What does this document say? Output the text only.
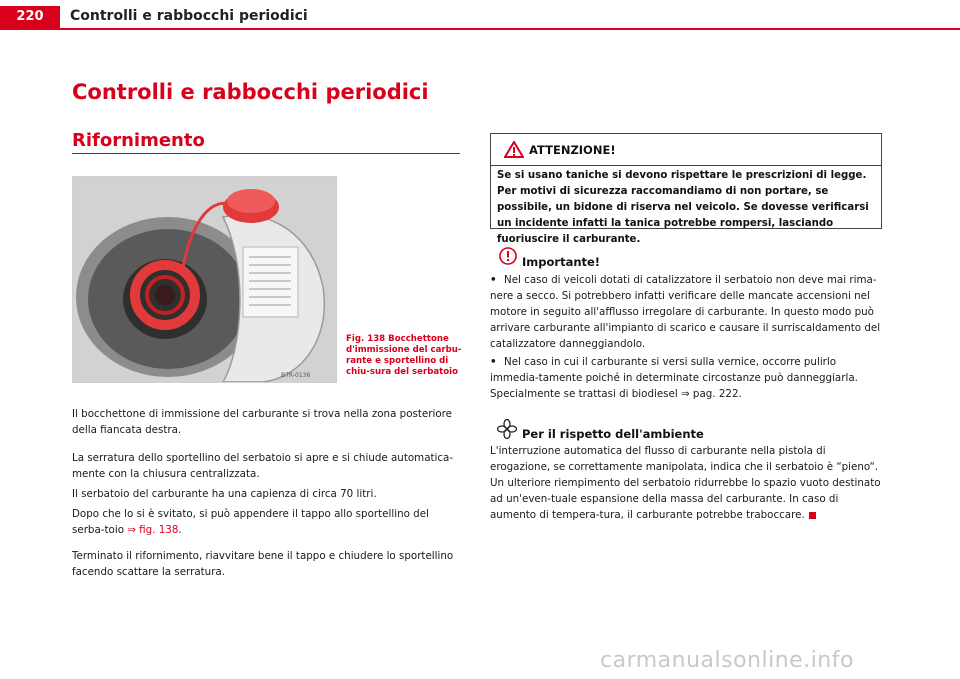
220	Controlli e rabbocchi periodici
Controlli e rabbocchi periodici
Rifornimento
B7R-0136
Fig. 138 Bocchettone d'immissione del carbu-rante e sportellino di chiu-sura del serbatoio

Il bocchettone di immissione del carburante si trova nella zona posteriore della fiancata destra.

La serratura dello sportellino del serbatoio si apre e si chiude automatica-mente con la chiusura centralizzata.

Il serbatoio del carburante ha una capienza di circa 70 litri.

Dopo che lo si è svitato, si può appendere il tappo allo sportellino del serba-toio ⇒ fig. 138.

Terminato il rifornimento, riavvitare bene il tappo e chiudere lo sportellino facendo scattare la serratura.

ATTENZIONE!
Se si usano taniche si devono rispettare le prescrizioni di legge. Per motivi di sicurezza raccomandiamo di non portare, se possibile, un bidone di riserva nel veicolo. Se dovesse verificarsi un incidente infatti la tanica potrebbe rompersi, lasciando fuoriuscire il carburante.
Importante!
• Nel caso di veicoli dotati di catalizzatore il serbatoio non deve mai rima-nere a secco. Si potrebbero infatti verificare delle mancate accensioni nel motore in seguito all'afflusso irregolare di carburante. In questo modo può arrivare carburante all'impianto di scarico e causare il surriscaldamento del catalizzatore danneggiandolo.
• Nel caso in cui il carburante si versi sulla vernice, occorre pulirlo immedia-tamente poiché in determinate circostanze può danneggiarla. Specialmente se trattasi di biodiesel ⇒ pag. 222.
Per il rispetto dell'ambiente
L'interruzione automatica del flusso di carburante nella pistola di erogazione, se correttamente manipolata, indica che il serbatoio è “pieno“. Un ulteriore riempimento del serbatoio ridurrebbe lo spazio vuoto destinato ad un'even-tuale espansione della massa del carburante. In caso di aumento di tempera-tura, il carburante potrebbe traboccare.
carmanualsonline.info
